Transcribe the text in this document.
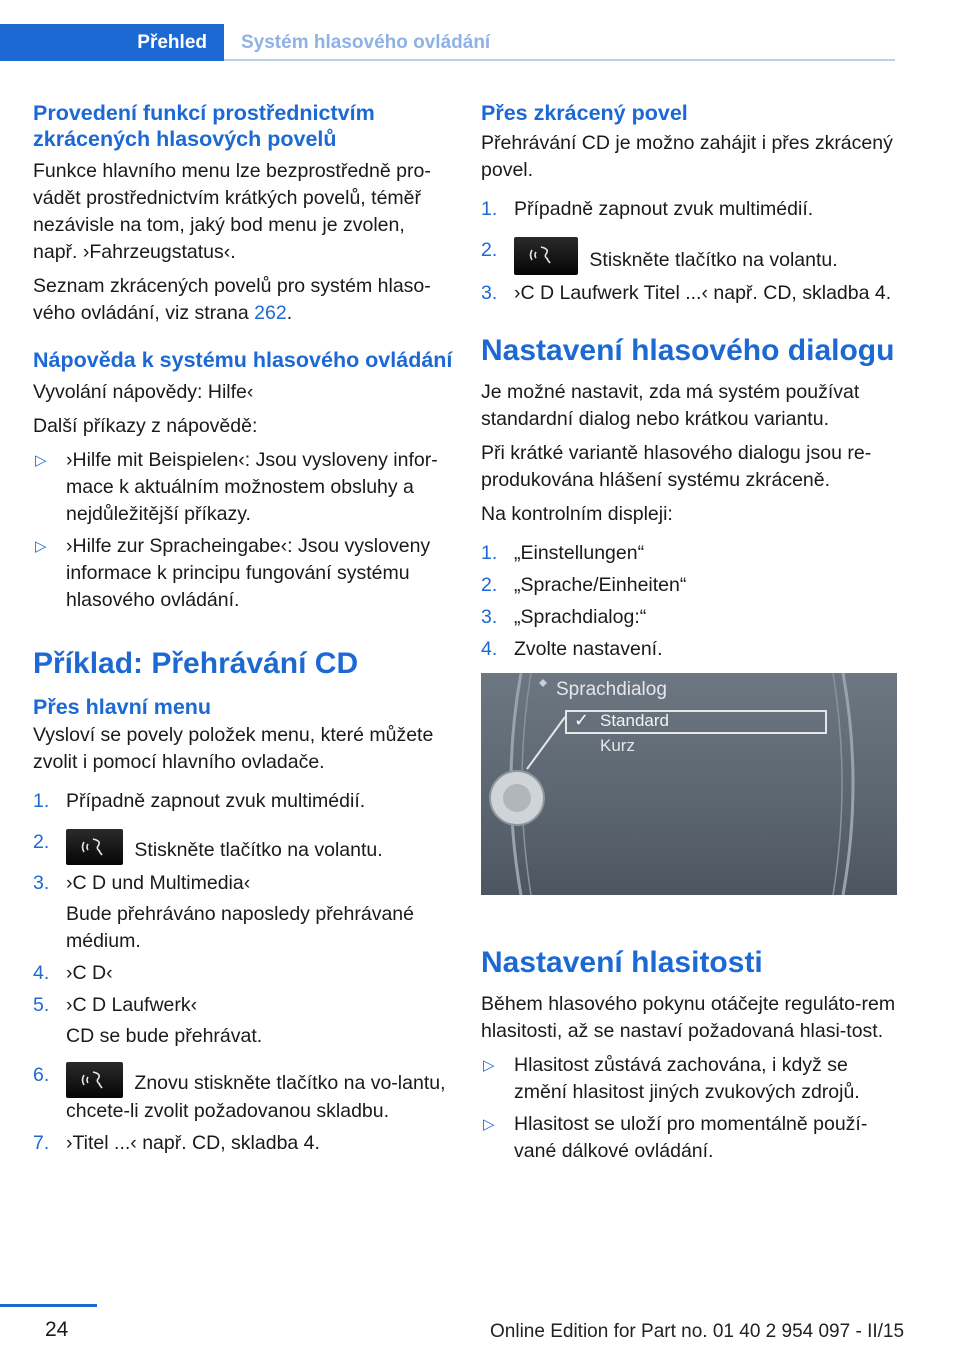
Přehled	Systém hlasového ovládání
Provedení funkcí prostřednictvím zkrácených hlasových povelů

Funkce hlavního menu lze bezprostředně pro-vádět prostřednictvím krátkých povelů, téměř nezávisle na tom, jaký bod menu je zvolen, např. ›Fahrzeugstatus‹.

Seznam zkrácených povelů pro systém hlaso-vého ovládání, viz strana 262.

Nápověda k systému hlasového ovládání

Vyvolání nápovědy: Hilfe‹

Další příkazy z nápovědě:

▷ ›Hilfe mit Beispielen‹: Jsou vysloveny infor-mace k aktuálním možnostem obsluhy a nejdůležitější příkazy.
▷ ›Hilfe zur Spracheingabe‹: Jsou vysloveny informace k principu fungování systému hlasového ovládání.
Příklad: Přehrávání CD
Přes hlavní menu

Vysloví se povely položek menu, které můžete zvolit i pomocí hlavního ovladače.

1. Případně zapnout zvuk multimédií.
2.	Stiskněte tlačítko na volantu.
3. ›C D und Multimedia‹
Bude přehráváno naposledy přehrávané médium.
4. ›C D‹
5. ›C D Laufwerk‹
CD se bude přehrávat.
6.	Znovu stiskněte tlačítko na vo-lantu, chcete-li zvolit požadovanou skladbu.
7. ›Titel ...‹ např. CD, skladba 4.
Přes zkrácený povel

Přehrávání CD je možno zahájit i přes zkrácený povel.

1. Případně zapnout zvuk multimédií.
2.	Stiskněte tlačítko na volantu.
3. ›C D Laufwerk Titel ...‹ např. CD, skladba 4.
Nastavení hlasového dialogu

Je možné nastavit, zda má systém používat standardní dialog nebo krátkou variantu.

Při krátké variantě hlasového dialogu jsou re-produkována hlášení systému zkráceně.

Na kontrolním displeji:

1. „Einstellungen“
2. „Sprache/Einheiten“
3. „Sprachdialog:“
4. Zvolte nastavení.
Sprachdialog
✓ Standard
Kurz
Nastavení hlasitosti

Během hlasového pokynu otáčejte reguláto-rem hlasitosti, až se nastaví požadovaná hlasi-tost.

▷ Hlasitost zůstává zachována, i když se změní hlasitost jiných zvukových zdrojů.
▷ Hlasitost se uloží pro momentálně použí-vané dálkové ovládání.
24	Online Edition for Part no. 01 40 2 954 097 - II/15
